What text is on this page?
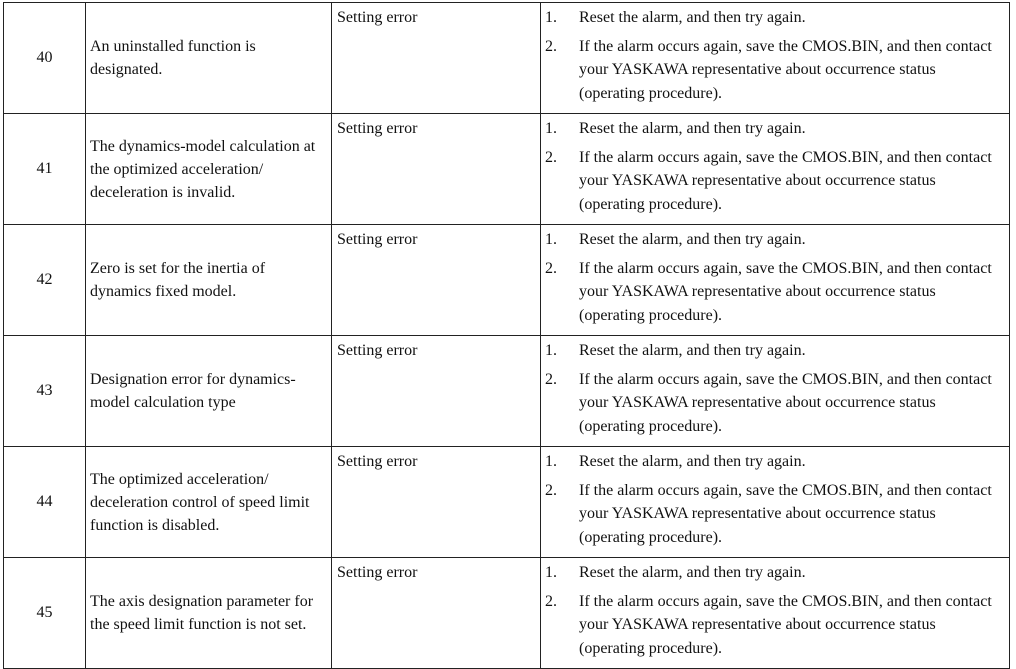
40	An uninstalled function is designated.	Setting error	1. Reset the alarm, and then try again.
2. If the alarm occurs again, save the CMOS.BIN, and then contact your YASKAWA representative about occurrence status (operating procedure).

41	The dynamics-model calculation at the optimized acceleration/ deceleration is invalid.	Setting error	1. Reset the alarm, and then try again.
2. If the alarm occurs again, save the CMOS.BIN, and then contact your YASKAWA representative about occurrence status (operating procedure).

42	Zero is set for the inertia of dynamics fixed model.	Setting error	1. Reset the alarm, and then try again.
2. If the alarm occurs again, save the CMOS.BIN, and then contact your YASKAWA representative about occurrence status (operating procedure).

43	Designation error for dynamics-model calculation type	Setting error	1. Reset the alarm, and then try again.
2. If the alarm occurs again, save the CMOS.BIN, and then contact your YASKAWA representative about occurrence status (operating procedure).

44	The optimized acceleration/ deceleration control of speed limit function is disabled.	Setting error	1. Reset the alarm, and then try again.
2. If the alarm occurs again, save the CMOS.BIN, and then contact your YASKAWA representative about occurrence status (operating procedure).

45	The axis designation parameter for the speed limit function is not set.	Setting error	1. Reset the alarm, and then try again.
2. If the alarm occurs again, save the CMOS.BIN, and then contact your YASKAWA representative about occurrence status (operating procedure).
